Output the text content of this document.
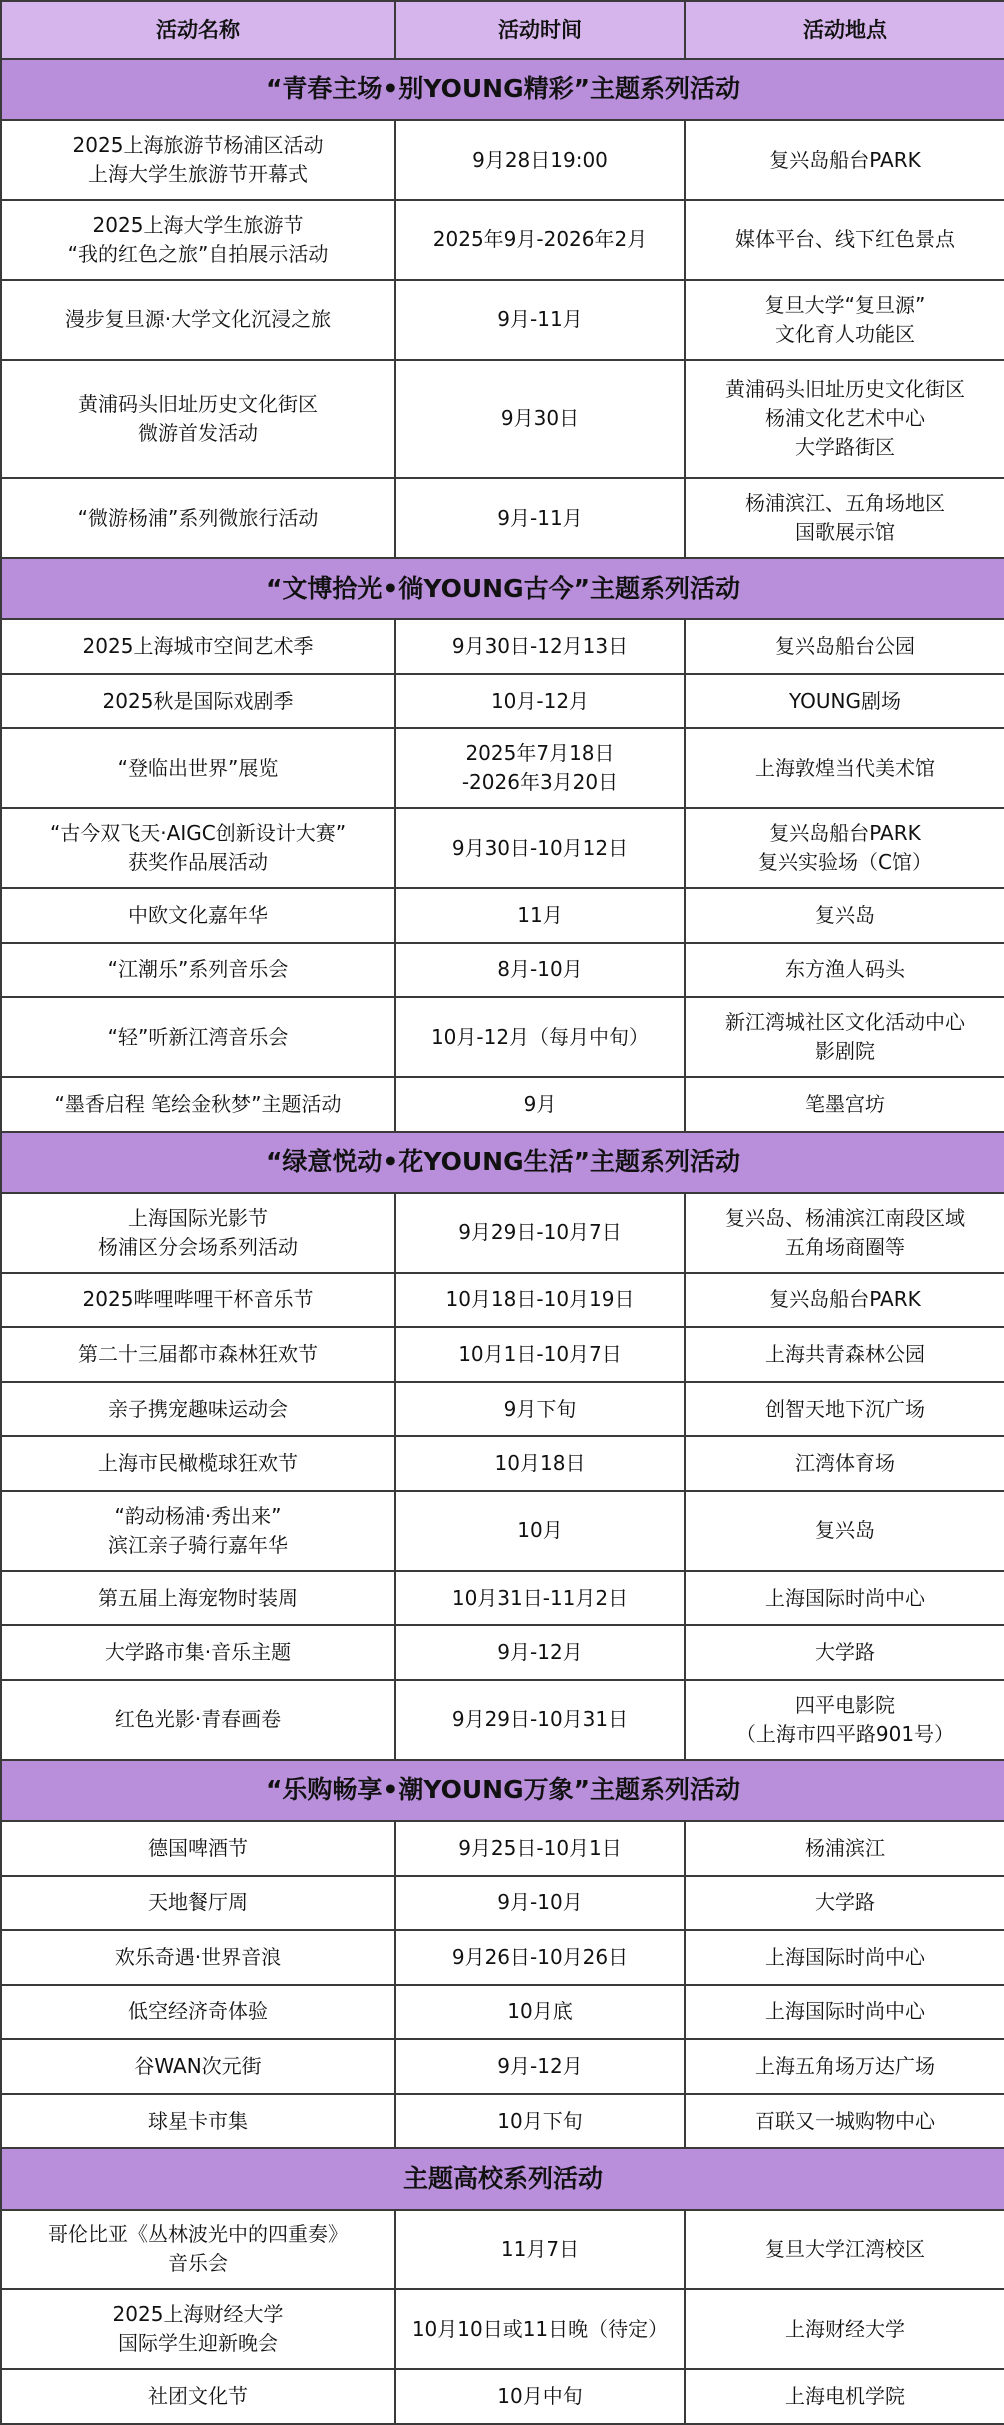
活动名称	活动时间	活动地点
“青春主场•别YOUNG精彩”主题系列活动		

2025上海旅游节杨浦区活动
上海大学生旅游节开幕式	9月28日19:00	复兴岛船台PARK

2025上海大学生旅游节
“我的红色之旅”自拍展示活动	2025年9月-2026年2月	媒体平台、线下红色景点

漫步复旦源·大学文化沉浸之旅	9月-11月	复旦大学“复旦源”
文化育人功能区

黄浦码头旧址历史文化街区
微游首发活动	9月30日	黄浦码头旧址历史文化街区
杨浦文化艺术中心
大学路街区

“微游杨浦”系列微旅行活动	9月-11月	杨浦滨江、五角场地区
国歌展示馆

“文博拾光•徜YOUNG古今”主题系列活动		

2025上海城市空间艺术季	9月30日-12月13日	复兴岛船台公园

2025秋是国际戏剧季	10月-12月	YOUNG剧场

“登临出世界”展览	2025年7月18日
-2026年3月20日	上海敦煌当代美术馆

“古今双飞天·AIGC创新设计大赛”
获奖作品展活动	9月30日-10月12日	复兴岛船台PARK
复兴实验场（C馆）

中欧文化嘉年华	11月	复兴岛

“江潮乐”系列音乐会	8月-10月	东方渔人码头

“轻”听新江湾音乐会	10月-12月（每月中旬）	新江湾城社区文化活动中心
影剧院

“墨香启程 笔绘金秋梦”主题活动	9月	笔墨宫坊

“绿意悦动•花YOUNG生活”主题系列活动		

上海国际光影节
杨浦区分会场系列活动	9月29日-10月7日	复兴岛、杨浦滨江南段区域
五角场商圈等

2025哔哩哔哩干杯音乐节	10月18日-10月19日	复兴岛船台PARK

第二十三届都市森林狂欢节	10月1日-10月7日	上海共青森林公园

亲子携宠趣味运动会	9月下旬	创智天地下沉广场

上海市民橄榄球狂欢节	10月18日	江湾体育场

“韵动杨浦·秀出来”
滨江亲子骑行嘉年华	10月	复兴岛

第五届上海宠物时装周	10月31日-11月2日	上海国际时尚中心

大学路市集·音乐主题	9月-12月	大学路

红色光影·青春画卷	9月29日-10月31日	四平电影院
（上海市四平路901号）

“乐购畅享•潮YOUNG万象”主题系列活动		

德国啤酒节	9月25日-10月1日	杨浦滨江

天地餐厅周	9月-10月	大学路

欢乐奇遇·世界音浪	9月26日-10月26日	上海国际时尚中心

低空经济奇体验	10月底	上海国际时尚中心

谷WAN次元街	9月-12月	上海五角场万达广场

球星卡市集	10月下旬	百联又一城购物中心

主题高校系列活动		

哥伦比亚《丛林波光中的四重奏》
音乐会	11月7日	复旦大学江湾校区

2025上海财经大学
国际学生迎新晚会	10月10日或11日晚（待定）	上海财经大学

社团文化节	10月中旬	上海电机学院
